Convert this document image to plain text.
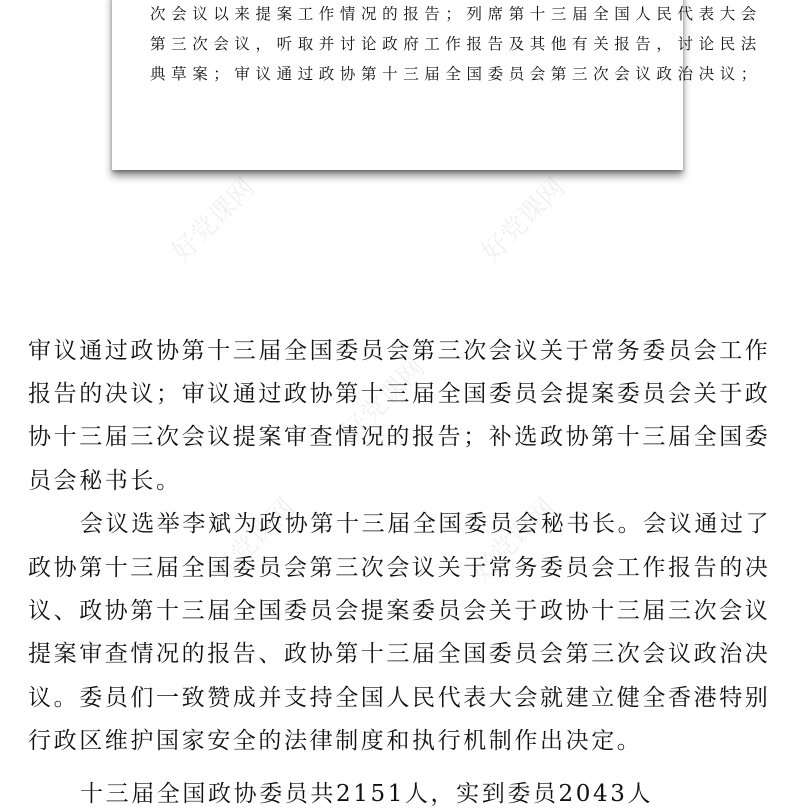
好党课网	好党课网
好党课网
好党课网	好党课网
次会议以来提案工作情况的报告；列席第十三届全国人民代表大会
第三次会议，听取并讨论政府工作报告及其他有关报告，讨论民法
典草案；审议通过政协第十三届全国委员会第三次会议政治决议；
审议通过政协第十三届全国委员会第三次会议关于常务委员会工作
报告的决议；审议通过政协第十三届全国委员会提案委员会关于政
协十三届三次会议提案审查情况的报告；补选政协第十三届全国委
员会秘书长。
会议选举李斌为政协第十三届全国委员会秘书长。会议通过了
政协第十三届全国委员会第三次会议关于常务委员会工作报告的决
议、政协第十三届全国委员会提案委员会关于政协十三届三次会议
提案审查情况的报告、政协第十三届全国委员会第三次会议政治决
议。委员们一致赞成并支持全国人民代表大会就建立健全香港特别
行政区维护国家安全的法律制度和执行机制作出决定。
十三届全国政协委员共2151人，实到委员2043人
